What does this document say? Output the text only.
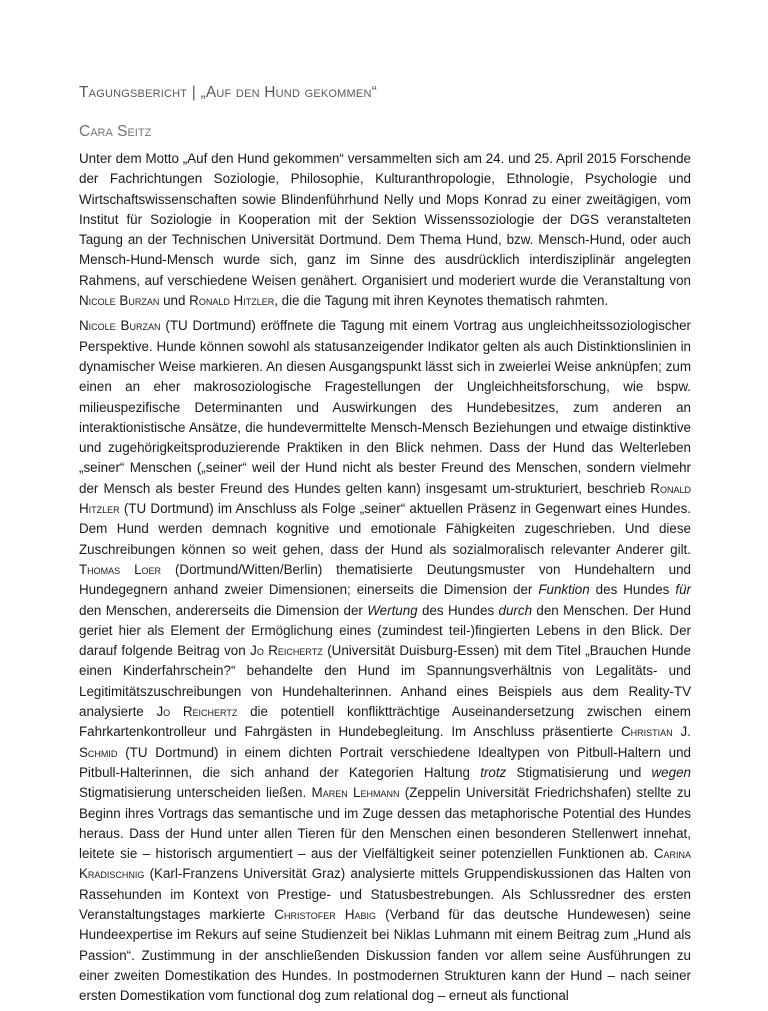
Tagungsbericht | „Auf den Hund gekommen“
Cara Seitz

Unter dem Motto „Auf den Hund gekommen“ versammelten sich am 24. und 25. April 2015 Forschende der Fachrichtungen Soziologie, Philosophie, Kulturanthropologie, Ethnologie, Psychologie und Wirtschaftswissenschaften sowie Blindenführhund Nelly und Mops Konrad zu einer zweitägigen, vom Institut für Soziologie in Kooperation mit der Sektion Wissenssoziologie der DGS veranstalteten Tagung an der Technischen Universität Dortmund. Dem Thema Hund, bzw. Mensch-Hund, oder auch Mensch-Hund-Mensch wurde sich, ganz im Sinne des ausdrücklich interdisziplinär angelegten Rahmens, auf verschiedene Weisen genähert. Organisiert und moderiert wurde die Veranstaltung von Nicole Burzan und Ronald Hitzler, die die Tagung mit ihren Keynotes thematisch rahmten.

Nicole Burzan (TU Dortmund) eröffnete die Tagung mit einem Vortrag aus ungleichheitssoziologischer Perspektive. Hunde können sowohl als statusanzeigender Indikator gelten als auch Distinktionslinien in dynamischer Weise markieren. An diesen Ausgangspunkt lässt sich in zweierlei Weise anknüpfen; zum einen an eher makrosoziologische Fragestellungen der Ungleichheitsforschung, wie bspw. milieuspezifische Determinanten und Auswirkungen des Hundebesitzes, zum anderen an interaktionistische Ansätze, die hundevermittelte Mensch-Mensch Beziehungen und etwaige distinktive und zugehörigkeitsproduzierende Praktiken in den Blick nehmen. Dass der Hund das Welterleben „seiner“ Menschen („seiner“ weil der Hund nicht als bester Freund des Menschen, sondern vielmehr der Mensch als bester Freund des Hundes gelten kann) insgesamt um-strukturiert, beschrieb Ronald Hitzler (TU Dortmund) im Anschluss als Folge „seiner“ aktuellen Präsenz in Gegenwart eines Hundes. Dem Hund werden demnach kognitive und emotionale Fähigkeiten zugeschrieben. Und diese Zuschreibungen können so weit gehen, dass der Hund als sozialmoralisch relevanter Anderer gilt. Thomas Loer (Dortmund/Witten/Berlin) thematisierte Deutungsmuster von Hundehaltern und Hundegegnern anhand zweier Dimensionen; einerseits die Dimension der Funktion des Hundes für den Menschen, andererseits die Dimension der Wertung des Hundes durch den Menschen. Der Hund geriet hier als Element der Ermöglichung eines (zumindest teil-)fingierten Lebens in den Blick. Der darauf folgende Beitrag von Jo Reichertz (Universität Duisburg-Essen) mit dem Titel „Brauchen Hunde einen Kinderfahrschein?“ behandelte den Hund im Spannungsverhältnis von Legalitäts- und Legitimitätszuschreibungen von Hundehalterinnen. Anhand eines Beispiels aus dem Reality-TV analysierte Jo Reichertz die potentiell konfliktträchtige Auseinandersetzung zwischen einem Fahrkartenkontrolleur und Fahrgästen in Hundebegleitung. Im Anschluss präsentierte Christian J. Schmid (TU Dortmund) in einem dichten Portrait verschiedene Idealtypen von Pitbull-Haltern und Pitbull-Halterinnen, die sich anhand der Kategorien Haltung trotz Stigmatisierung und wegen Stigmatisierung unterscheiden ließen. Maren Lehmann (Zeppelin Universität Friedrichshafen) stellte zu Beginn ihres Vortrags das semantische und im Zuge dessen das metaphorische Potential des Hundes heraus. Dass der Hund unter allen Tieren für den Menschen einen besonderen Stellenwert innehat, leitete sie – historisch argumentiert – aus der Vielfältigkeit seiner potenziellen Funktionen ab. Carina Kradischnig (Karl-Franzens Universität Graz) analysierte mittels Gruppendiskussionen das Halten von Rassehunden im Kontext von Prestige- und Statusbestrebungen. Als Schlussredner des ersten Veranstaltungstages markierte Christofer Habig (Verband für das deutsche Hundewesen) seine Hundeexpertise im Rekurs auf seine Studienzeit bei Niklas Luhmann mit einem Beitrag zum „Hund als Passion“. Zustimmung in der anschließenden Diskussion fanden vor allem seine Ausführungen zu einer zweiten Domestikation des Hundes. In postmodernen Strukturen kann der Hund – nach seiner ersten Domestikation vom functional dog zum relational dog – erneut als functional
